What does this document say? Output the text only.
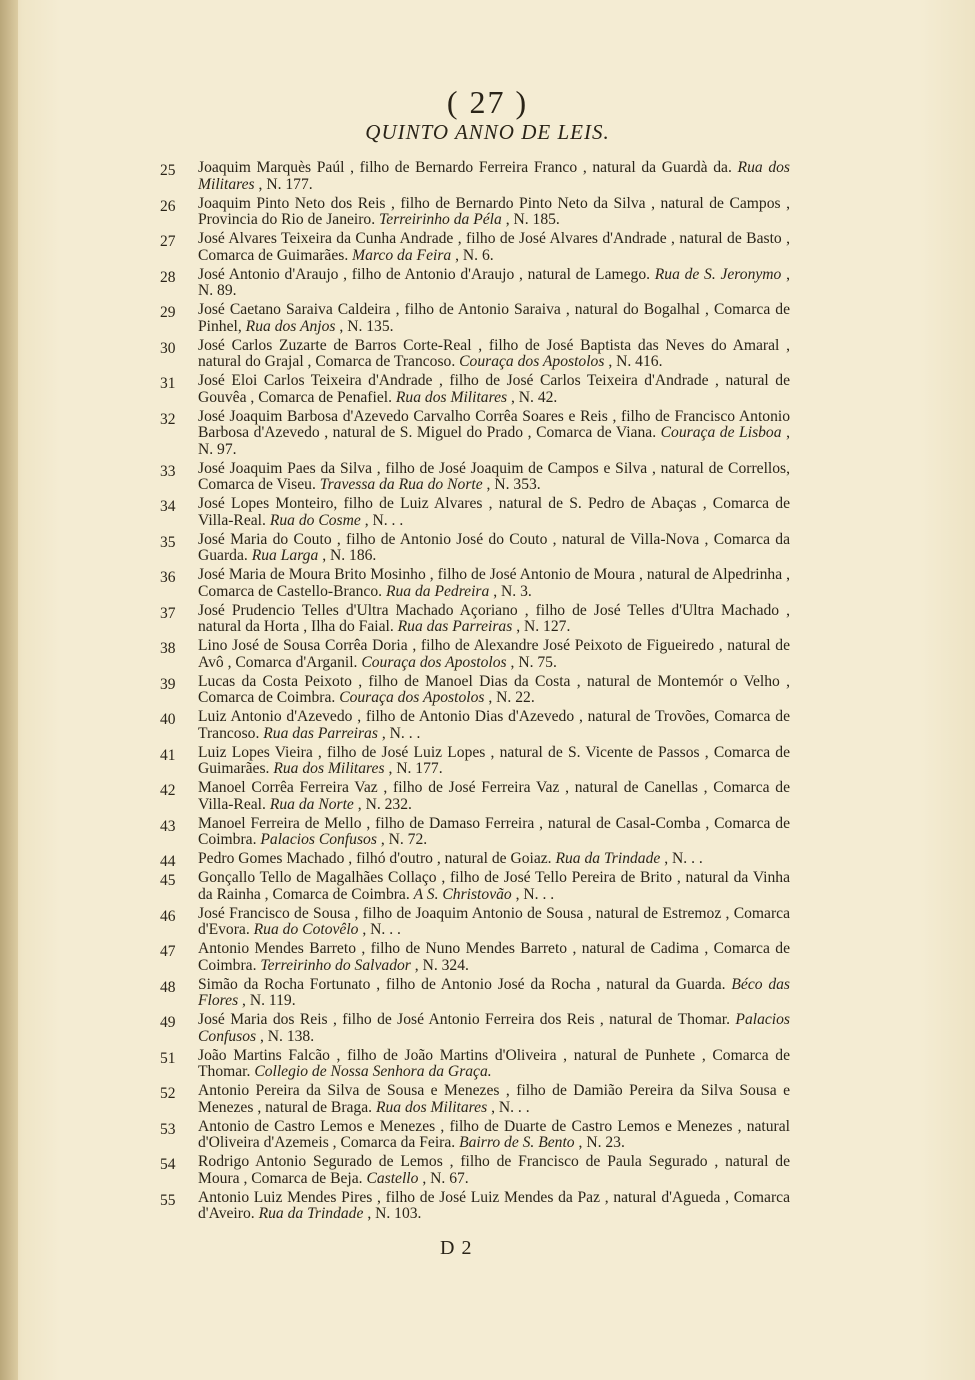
( 27 )
QUINTO ANNO DE LEIS.
25	Joaquim Marquès Paúl , filho de Bernardo Ferreira Franco , natural da Guardà da. Rua dos Militares , N. 177.
26	Joaquim Pinto Neto dos Reis , filho de Bernardo Pinto Neto da Silva , natural de Campos , Provincia do Rio de Janeiro. Terreirinho da Péla , N. 185.
27	José Alvares Teixeira da Cunha Andrade , filho de José Alvares d'Andrade , natural de Basto , Comarca de Guimarães. Marco da Feira , N. 6.
28	José Antonio d'Araujo , filho de Antonio d'Araujo , natural de Lamego. Rua de S. Jeronymo , N. 89.
29	José Caetano Saraiva Caldeira , filho de Antonio Saraiva , natural do Bogalhal , Comarca de Pinhel, Rua dos Anjos , N. 135.
30	José Carlos Zuzarte de Barros Corte-Real , filho de José Baptista das Neves do Amaral , natural do Grajal , Comarca de Trancoso. Couraça dos Apostolos , N. 416.
31	José Eloi Carlos Teixeira d'Andrade , filho de José Carlos Teixeira d'Andrade , natural de Gouvêa , Comarca de Penafiel. Rua dos Militares , N. 42.
32	José Joaquim Barbosa d'Azevedo Carvalho Corrêa Soares e Reis , filho de Francisco Antonio Barbosa d'Azevedo , natural de S. Miguel do Prado , Comarca de Viana. Couraça de Lisboa , N. 97.
33	José Joaquim Paes da Silva , filho de José Joaquim de Campos e Silva , natural de Correllos, Comarca de Viseu. Travessa da Rua do Norte , N. 353.
34	José Lopes Monteiro, filho de Luiz Alvares , natural de S. Pedro de Abaças , Comarca de Villa-Real. Rua do Cosme , N. . .
35	José Maria do Couto , filho de Antonio José do Couto , natural de Villa-Nova , Comarca da Guarda. Rua Larga , N. 186.
36	José Maria de Moura Brito Mosinho , filho de José Antonio de Moura , natural de Alpedrinha , Comarca de Castello-Branco. Rua da Pedreira , N. 3.
37	José Prudencio Telles d'Ultra Machado Açoriano , filho de José Telles d'Ultra Machado , natural da Horta , Ilha do Faial. Rua das Parreiras , N. 127.
38	Lino José de Sousa Corrêa Doria , filho de Alexandre José Peixoto de Figueiredo , natural de Avô , Comarca d'Arganil. Couraça dos Apostolos , N. 75.
39	Lucas da Costa Peixoto , filho de Manoel Dias da Costa , natural de Montemór o Velho , Comarca de Coimbra. Couraça dos Apostolos , N. 22.
40	Luiz Antonio d'Azevedo , filho de Antonio Dias d'Azevedo , natural de Trovões, Comarca de Trancoso. Rua das Parreiras , N. . .
41	Luiz Lopes Vieira , filho de José Luiz Lopes , natural de S. Vicente de Passos , Comarca de Guimarães. Rua dos Militares , N. 177.
42	Manoel Corrêa Ferreira Vaz , filho de José Ferreira Vaz , natural de Canellas , Comarca de Villa-Real. Rua da Norte , N. 232.
43	Manoel Ferreira de Mello , filho de Damaso Ferreira , natural de Casal-Comba , Comarca de Coimbra. Palacios Confusos , N. 72.
44	Pedro Gomes Machado , filhó d'outro , natural de Goiaz. Rua da Trindade , N. . .
45	Gonçallo Tello de Magalhães Collaço , filho de José Tello Pereira de Brito , natural da Vinha da Rainha , Comarca de Coimbra. A S. Christovão , N. . .
46	José Francisco de Sousa , filho de Joaquim Antonio de Sousa , natural de Estremoz , Comarca d'Evora. Rua do Cotovêlo , N. . .
47	Antonio Mendes Barreto , filho de Nuno Mendes Barreto , natural de Cadima , Comarca de Coimbra. Terreirinho do Salvador , N. 324.
48	Simão da Rocha Fortunato , filho de Antonio José da Rocha , natural da Guarda. Béco das Flores , N. 119.
49	José Maria dos Reis , filho de José Antonio Ferreira dos Reis , natural de Thomar. Palacios Confusos , N. 138.
51	João Martins Falcão , filho de João Martins d'Oliveira , natural de Punhete , Comarca de Thomar. Collegio de Nossa Senhora da Graça.
52	Antonio Pereira da Silva de Sousa e Menezes , filho de Damião Pereira da Silva Sousa e Menezes , natural de Braga. Rua dos Militares , N. . .
53	Antonio de Castro Lemos e Menezes , filho de Duarte de Castro Lemos e Menezes , natural d'Oliveira d'Azemeis , Comarca da Feira. Bairro de S. Bento , N. 23.
54	Rodrigo Antonio Segurado de Lemos , filho de Francisco de Paula Segurado , natural de Moura , Comarca de Beja. Castello , N. 67.
55	Antonio Luiz Mendes Pires , filho de José Luiz Mendes da Paz , natural d'Agueda , Comarca d'Aveiro. Rua da Trindade , N. 103.
D 2
